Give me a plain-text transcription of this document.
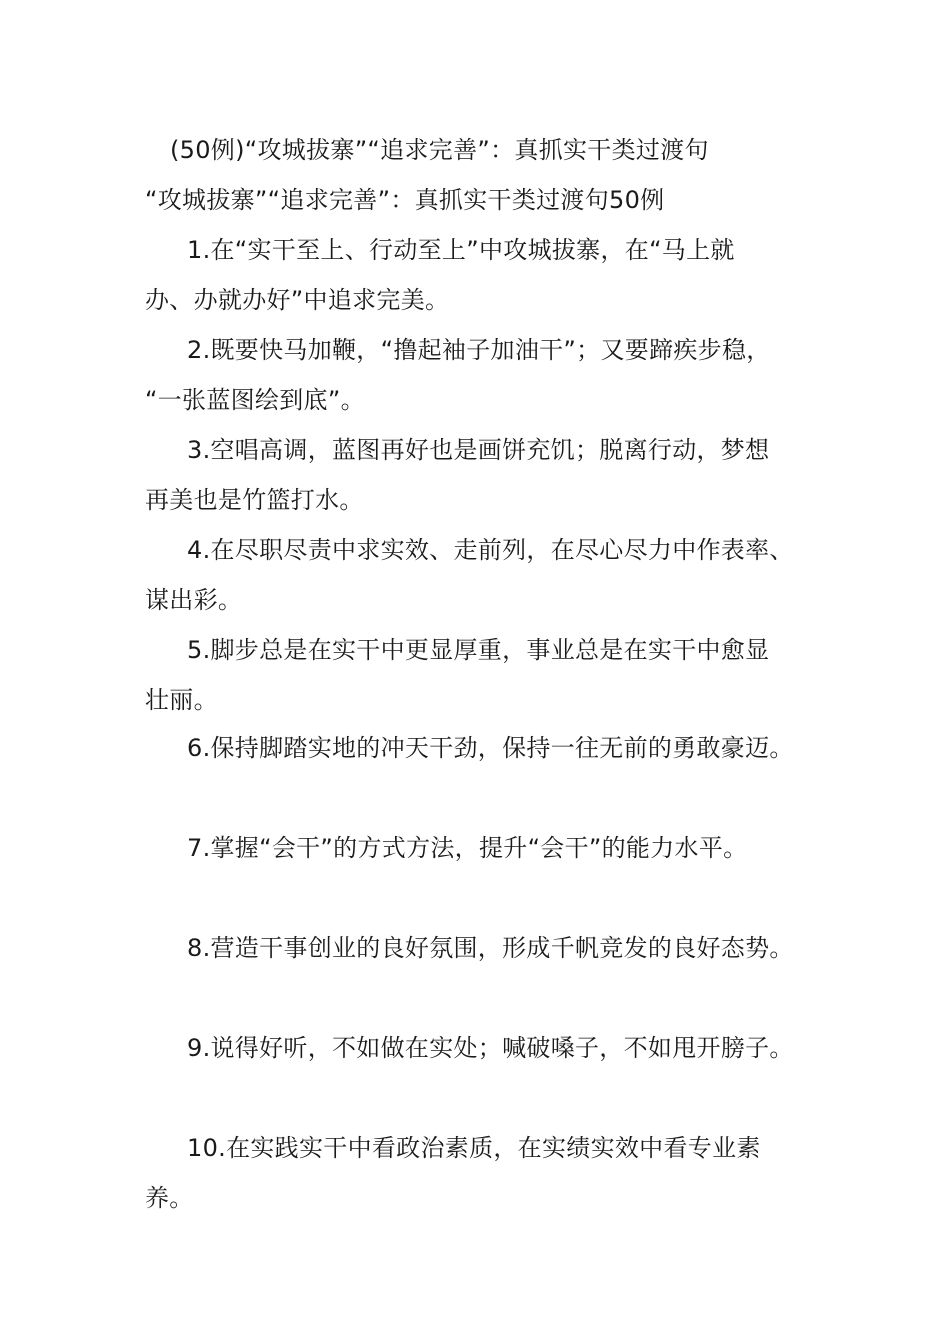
(50例)“攻城拔寨”“追求完善”：真抓实干类过渡句
“攻城拔寨”“追求完善”：真抓实干类过渡句50例
1.在“实干至上、行动至上”中攻城拔寨，在“马上就
办、办就办好”中追求完美。
2.既要快马加鞭，“撸起袖子加油干”；又要蹄疾步稳，
“一张蓝图绘到底”。
3.空唱高调，蓝图再好也是画饼充饥；脱离行动，梦想
再美也是竹篮打水。
4.在尽职尽责中求实效、走前列，在尽心尽力中作表率、
谋出彩。
5.脚步总是在实干中更显厚重，事业总是在实干中愈显
壮丽。
6.保持脚踏实地的冲天干劲，保持一往无前的勇敢豪迈。
7.掌握“会干”的方式方法，提升“会干”的能力水平。
8.营造干事创业的良好氛围，形成千帆竞发的良好态势。
9.说得好听，不如做在实处；喊破嗓子，不如甩开膀子。
10.在实践实干中看政治素质，在实绩实效中看专业素
养。
